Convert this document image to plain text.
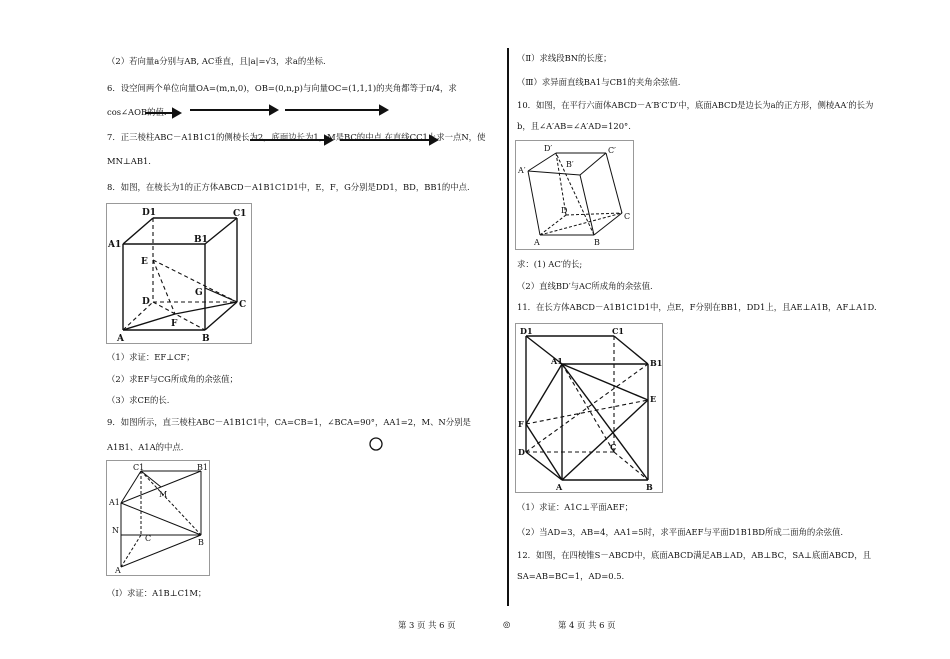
（2）若向量a分别与AB, AC垂直，且|a|=√3，求a的坐标.
6．设空间两个单位向量OA=(m,n,0)，OB=(0,n,p)与向量OC=(1,1,1)的夹角都等于π/4，求
cos∠AOB的值.
7．正三棱柱ABC－A1B1C1的侧棱长为2，底面边长为1，M是BC的中点.在直线CC1上求一点N，使
MN⊥AB1.
8．如图，在棱长为1的正方体ABCD－A1B1C1D1中，E，F，G分别是DD1，BD，BB1的中点.
D1	C1
A1	B1
E
G
D	C
F
A	B
（1）求证：EF⊥CF；
（2）求EF与CG所成角的余弦值；
（3）求CE的长.
9．如图所示，直三棱柱ABC－A1B1C1中，CA=CB=1，∠BCA=90°，AA1=2，M、N分别是
A1B1、A1A的中点.
C1	B1
A1
M
N
C
A
B
（Ⅰ）求证：A1B⊥C1M；
（Ⅱ）求线段BN的长度；
（Ⅲ）求异面直线BA1与CB1的夹角余弦值.
10．如图，在平行六面体ABCD－A′B′C′D′中，底面ABCD是边长为a的正方形，侧棱AA′的长为
b，且∠A′AB=∠A′AD=120°.
D′	C′
A′
B′
D
C
A	B
求：(1) AC′的长;
（2）直线BD′与AC所成角的余弦值.
11．在长方体ABCD－A1B1C1D1中，点E，F分别在BB1，DD1上，且AE⊥A1B，AF⊥A1D.
D1	C1
A1	B1
E
F
D	C
A	B
（1）求证：A1C⊥平面AEF；
（2）当AD=3，AB=4，AA1=5时，求平面AEF与平面D1B1BD所成二面角的余弦值.
12．如图，在四棱锥S－ABCD中，底面ABCD满足AB⊥AD，AB⊥BC，SA⊥底面ABCD，且
SA=AB=BC=1，AD=0.5.
第 3 页 共 6 页	◎	第 4 页 共 6 页
